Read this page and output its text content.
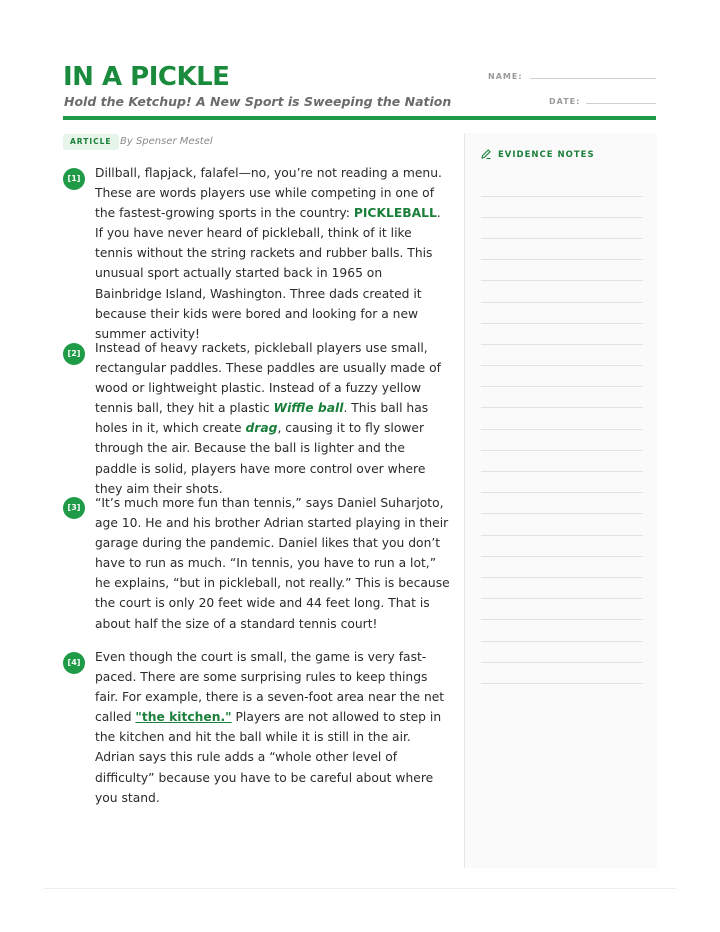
IN A PICKLE

Hold the Ketchup! A New Sport is Sweeping the Nation

NAME:
DATE:
ARTICLE By Spenser Mestel
[1]	Dillball, flapjack, falafel—no, you’re not reading a menu. These are words players use while competing in one of the fastest-growing sports in the country: PICKLEBALL. If you have never heard of pickleball, think of it like tennis without the string rackets and rubber balls. This unusual sport actually started back in 1965 on Bainbridge Island, Washington. Three dads created it because their kids were bored and looking for a new summer activity!

[2]	Instead of heavy rackets, pickleball players use small, rectangular paddles. These paddles are usually made of wood or lightweight plastic. Instead of a fuzzy yellow tennis ball, they hit a plastic Wiffle ball. This ball has holes in it, which create drag, causing it to fly slower through the air. Because the ball is lighter and the paddle is solid, players have more control over where they aim their shots.

[3]	“It’s much more fun than tennis,” says Daniel Suharjoto, age 10. He and his brother Adrian started playing in their garage during the pandemic. Daniel likes that you don’t have to run as much. “In tennis, you have to run a lot,” he explains, “but in pickleball, not really.” This is because the court is only 20 feet wide and 44 feet long. That is about half the size of a standard tennis court!

[4]	Even though the court is small, the game is very fast-paced. There are some surprising rules to keep things fair. For example, there is a seven-foot area near the net called "the kitchen." Players are not allowed to step in the kitchen and hit the ball while it is still in the air. Adrian says this rule adds a “whole other level of difficulty” because you have to be careful about where you stand.

EVIDENCE NOTES
